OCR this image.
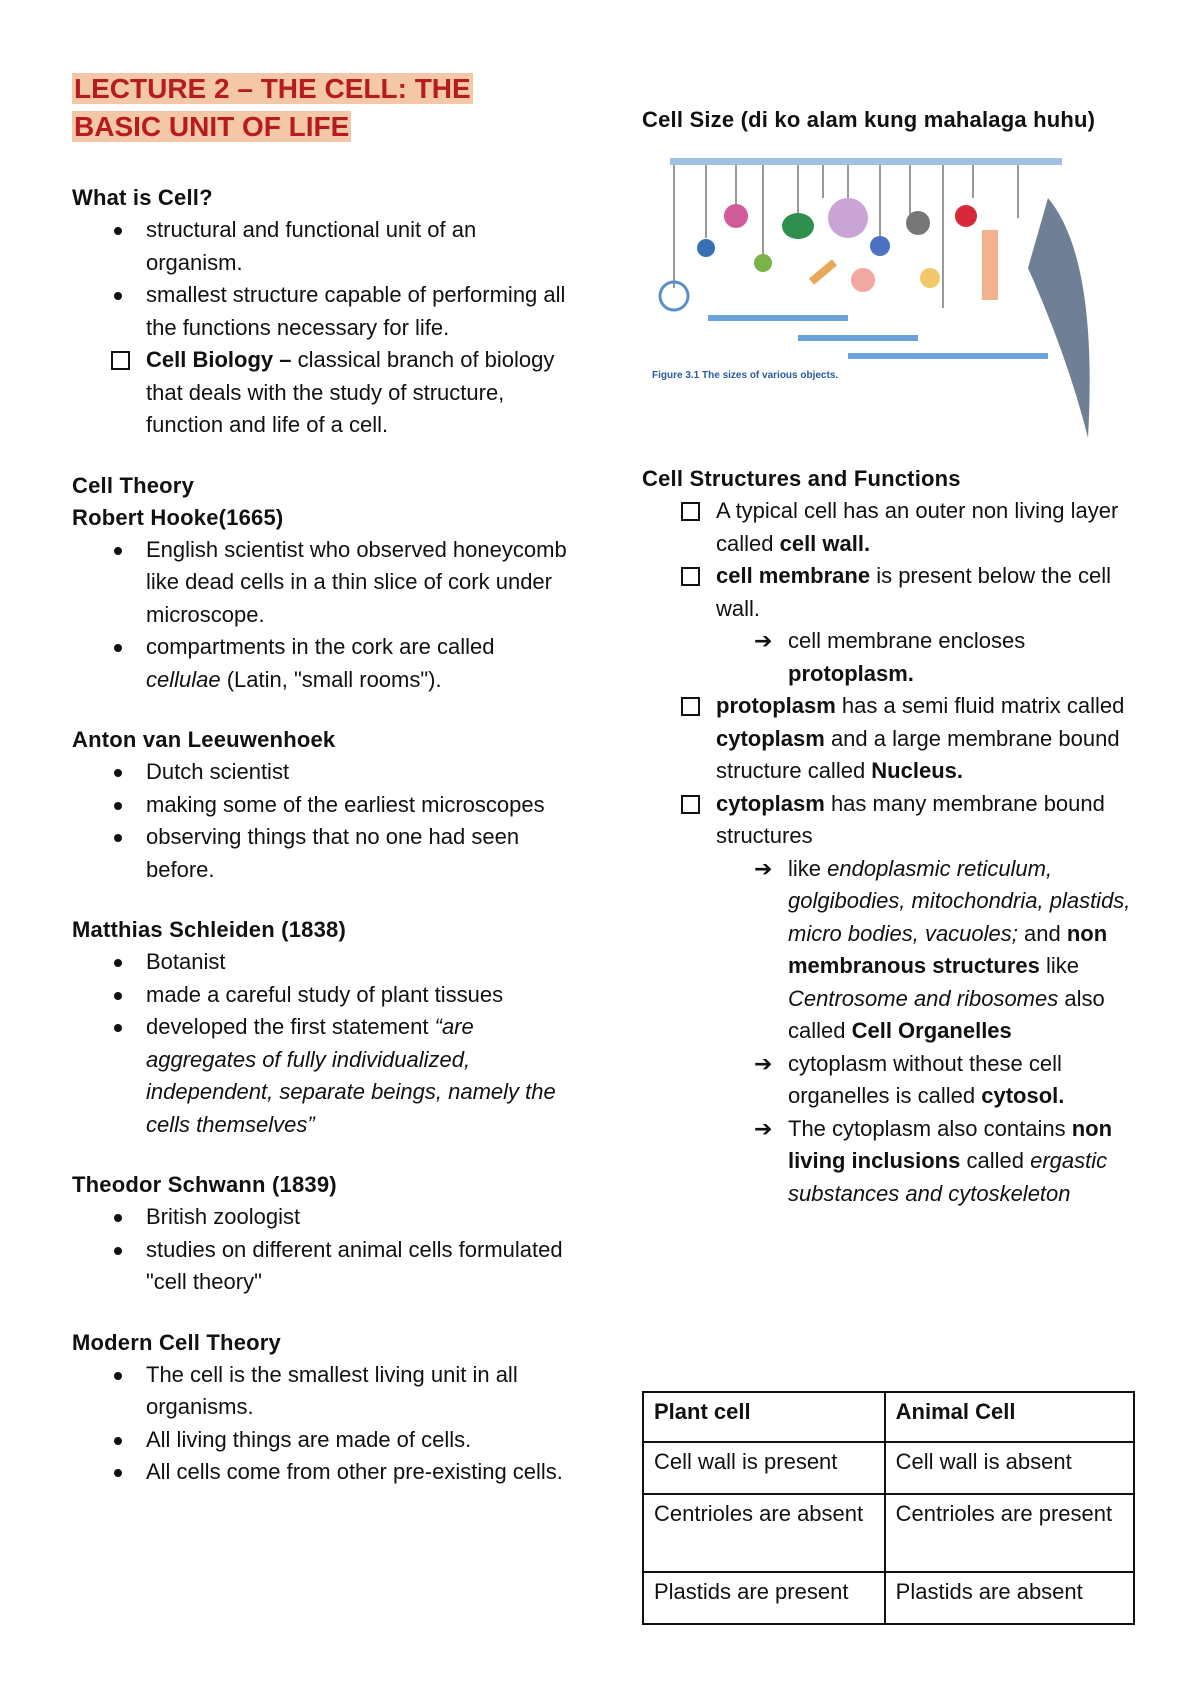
LECTURE 2 – THE CELL: THE
BASIC UNIT OF LIFE
What is Cell?
structural and functional unit of an organism.
smallest structure capable of performing all the functions necessary for life.
Cell Biology – classical branch of biology that deals with the study of structure, function and life of a cell.
Cell Theory
Robert Hooke(1665)
English scientist who observed honeycomb like dead cells in a thin slice of cork under microscope.
compartments in the cork are called cellulae (Latin, "small rooms").
Anton van Leeuwenhoek
Dutch scientist
making some of the earliest microscopes
observing things that no one had seen before.
Matthias Schleiden (1838)
Botanist
made a careful study of plant tissues
developed the first statement “are aggregates of fully individualized, independent, separate beings, namely the cells themselves”
Theodor Schwann (1839)
British zoologist
studies on different animal cells formulated "cell theory"
Modern Cell Theory
The cell is the smallest living unit in all organisms.
All living things are made of cells.
All cells come from other pre-existing cells.
Cell Size (di ko alam kung mahalaga huhu)
Figure 3.1 The sizes of various objects.
Cell Structures and Functions
A typical cell has an outer non living layer called cell wall.
cell membrane is present below the cell wall.
➔ cell membrane encloses protoplasm.
protoplasm has a semi fluid matrix called cytoplasm and a large membrane bound structure called Nucleus.
cytoplasm has many membrane bound structures
➔ like endoplasmic reticulum, golgibodies, mitochondria, plastids, micro bodies, vacuoles; and non membranous structures like Centrosome and ribosomes also called Cell Organelles
➔ cytoplasm without these cell organelles is called cytosol.
➔ The cytoplasm also contains non living inclusions called ergastic substances and cytoskeleton
Plant cell	Animal Cell
Cell wall is present	Cell wall is absent
Centrioles are absent	Centrioles are present
Plastids are present	Plastids are absent
